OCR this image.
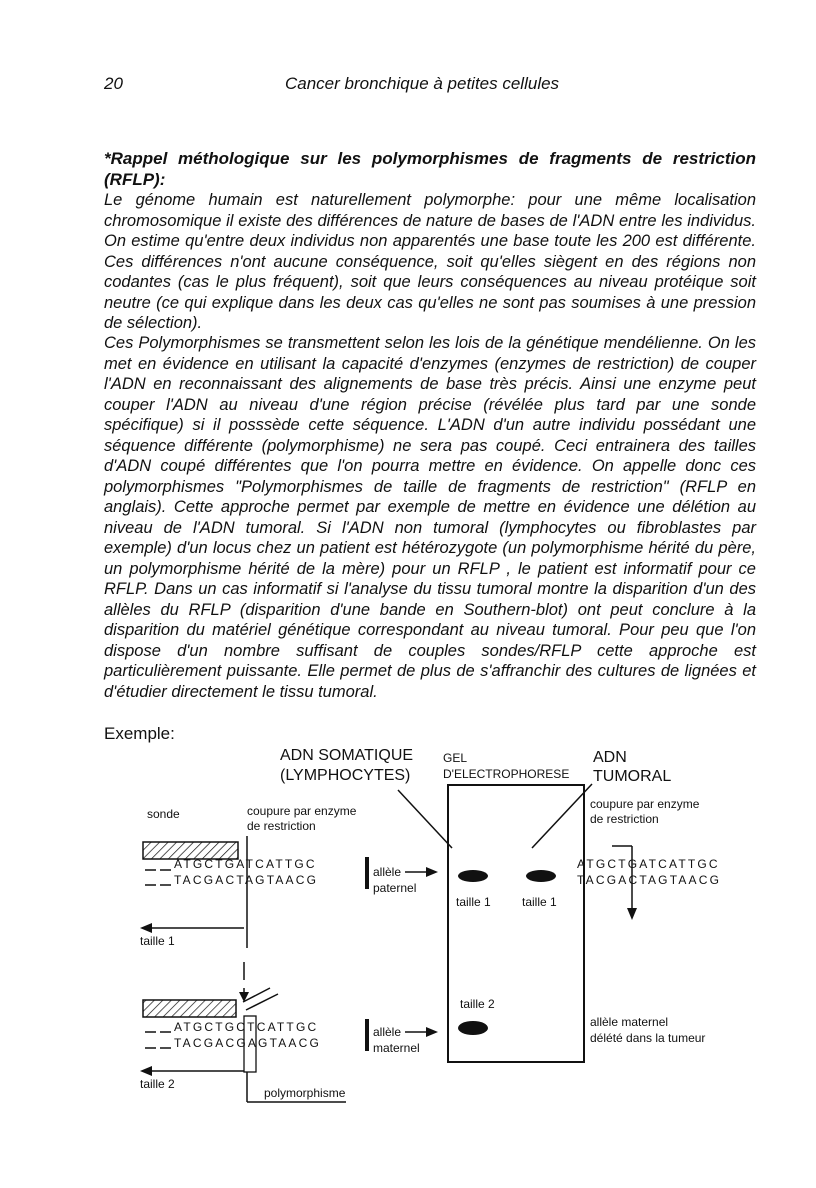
20	Cancer bronchique à petites cellules
*Rappel méthologique sur les polymorphismes de fragments de restriction (RFLP):
Le génome humain est naturellement polymorphe: pour une même localisation chromosomique il existe des différences de nature de bases de l'ADN entre les individus. On estime qu'entre deux individus non apparentés une base toute les 200 est différente. Ces différences n'ont aucune conséquence, soit qu'elles siègent en des régions non codantes (cas le plus fréquent), soit que leurs conséquences au niveau protéique soit neutre (ce qui explique dans les deux cas qu'elles ne sont pas soumises à une pression de sélection).
Ces Polymorphismes se transmettent selon les lois de la génétique mendélienne. On les met en évidence en utilisant la capacité d'enzymes (enzymes de restriction) de couper l'ADN en reconnaissant des alignements de base très précis. Ainsi une enzyme peut couper l'ADN au niveau d'une région précise (révélée plus tard par une sonde spécifique) si il posssède cette séquence. L'ADN d'un autre individu possédant une séquence différente (polymorphisme) ne sera pas coupé. Ceci entrainera des tailles d'ADN coupé différentes que l'on pourra mettre en évidence. On appelle donc ces polymorphismes "Polymorphismes de taille de fragments de restriction" (RFLP en anglais). Cette approche permet par exemple de mettre en évidence une délétion au niveau de l'ADN tumoral. Si l'ADN non tumoral (lymphocytes ou fibroblastes par exemple) d'un locus chez un patient est hétérozygote (un polymorphisme hérité du père, un polymorphisme hérité de la mère) pour un RFLP , le patient est informatif pour ce RFLP. Dans un cas informatif si l'analyse du tissu tumoral montre la disparition d'un des allèles du RFLP (disparition d'une bande en Southern-blot) ont peut conclure à la disparition du matériel génétique correspondant au niveau tumoral. Pour peu que l'on dispose d'un nombre suffisant de couples sondes/RFLP cette approche est particulièrement puissante. Elle permet de plus de s'affranchir des cultures de lignées et d'étudier directement le tissu tumoral.
Exemple:
ADN SOMATIQUE
(LYMPHOCYTES)
GEL
D'ELECTROPHORESE
ADN
TUMORAL
taille 1	taille 1
taille 2
sonde	coupure par enzyme
de restriction
ATGCTGATCATTGC
TACGACTAGTAACG
allèle
paternel
taille 1
ATGCTGCTCATTGC
TACGACGAGTAACG
allèle
maternel
taille 2
polymorphisme
coupure par enzyme
de restriction
ATGCTGATCATTGC
TACGACTAGTAACG
allèle maternel
délété dans la tumeur
